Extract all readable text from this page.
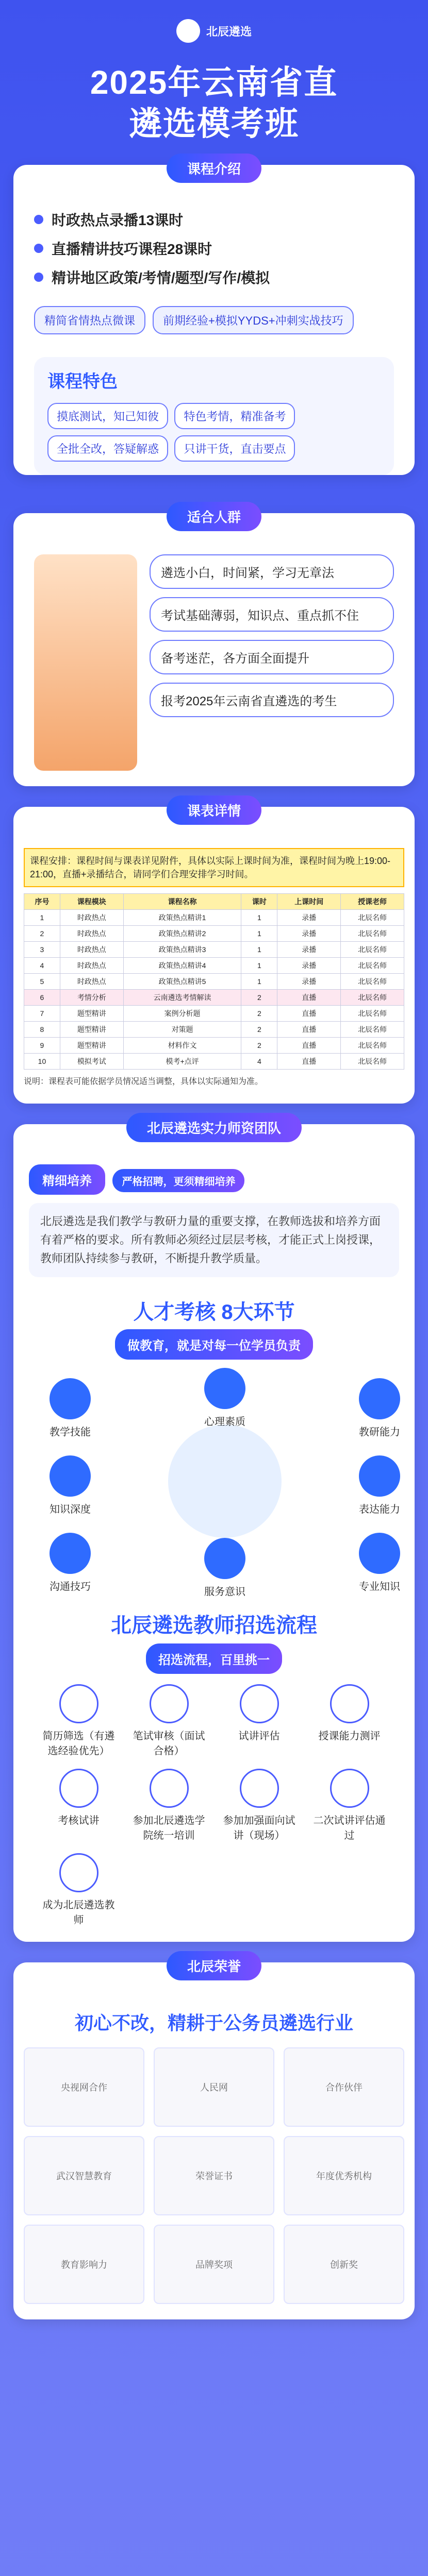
北辰遴选
2025年云南省直
遴选模考班
课程介绍
时政热点录播13课时
直播精讲技巧课程28课时
精讲地区政策/考情/题型/写作/模拟
精简省情热点微课	前期经验+模拟YYDS+冲刺实战技巧
课程特色
摸底测试，知己知彼 特色考情，精准备考 全批全改，答疑解惑 只讲干货，直击要点
适合人群
遴选小白，时间紧，学习无章法
考试基础薄弱，知识点、重点抓不住
备考迷茫，各方面全面提升
报考2025年云南省直遴选的考生
课表详情
课程安排：课程时间与课表详见附件，具体以实际上课时间为准，课程时间为晚上19:00-21:00，直播+录播结合，请同学们合理安排学习时间。
序号	课程模块	课程名称	课时	上课时间	授课老师
1	时政热点	政策热点精讲1	1	录播	北辰名师
2	时政热点	政策热点精讲2	1	录播	北辰名师
3	时政热点	政策热点精讲3	1	录播	北辰名师
4	时政热点	政策热点精讲4	1	录播	北辰名师
5	时政热点	政策热点精讲5	1	录播	北辰名师
6	考情分析	云南遴选考情解读	2	直播	北辰名师
7	题型精讲	案例分析题	2	直播	北辰名师
8	题型精讲	对策题	2	直播	北辰名师
9	题型精讲	材料作文	2	直播	北辰名师
10	模拟考试	模考+点评	4	直播	北辰名师
说明：课程表可能依据学员情况适当调整，具体以实际通知为准。
北辰遴选实力师资团队
精细培养	严格招聘，更须精细培养
北辰遴选是我们教学与教研力量的重要支撑，在教师选拔和培养方面有着严格的要求。所有教师必须经过层层考核，才能正式上岗授课，教师团队持续参与教研，不断提升教学质量。
人才考核 8大环节
做教育，就是对每一位学员负责
教学技能
心理素质
教研能力
知识深度	表达能力
沟通技巧	服务意识	专业知识
北辰遴选教师招选流程
招选流程，百里挑一
简历筛选（有遴选经验优先）
笔试审核（面试合格）
试讲评估	授课能力测评
考核试讲	参加北辰遴选学院统一培训
参加加强面向试讲（现场）
二次试讲评估通过
成为北辰遴选教师
北辰荣誉
初心不改，精耕于公务员遴选行业
央视网合作	人民网	合作伙伴
武汉智慧教育	荣誉证书	年度优秀机构
教育影响力	品牌奖项	创新奖
